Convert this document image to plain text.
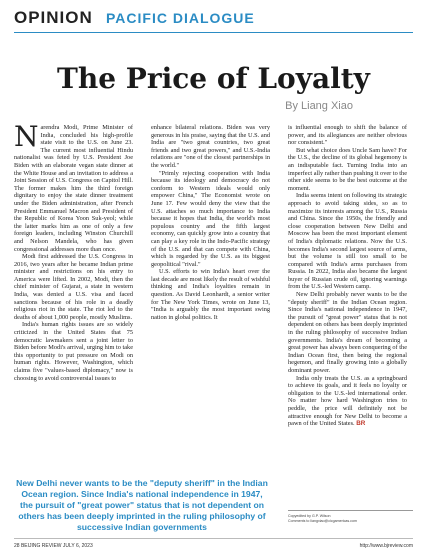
OPINION PACIFIC DIALOGUE
The Price of Loyalty
By Liang Xiao

Narendra Modi, Prime Minister of India, concluded his high-profile state visit to the U.S. on June 23. The current most influential Hindu nationalist was feted by U.S. President Joe Biden with an elaborate vegan state dinner at the White House and an invitation to address a Joint Session of U.S. Congress on Capitol Hill. The former makes him the third foreign dignitary to enjoy the state dinner treatment under the Biden administration, after French President Emmanuel Macron and President of the Republic of Korea Yoon Suk-yeol; while the latter marks him as one of only a few foreign leaders, including Winston Churchill and Nelson Mandela, who has given congressional addresses more than once.

Modi first addressed the U.S. Congress in 2016, two years after he became Indian prime minister and restrictions on his entry to America were lifted. In 2002, Modi, then the chief minister of Gujarat, a state in western India, was denied a U.S. visa and faced sanctions because of his role in a deadly religious riot in the state. The riot led to the deaths of about 1,000 people, mostly Muslims.

India's human rights issues are so widely criticized in the United States that 75 democratic lawmakers sent a joint letter to Biden before Modi's arrival, urging him to take this opportunity to put pressure on Modi on human rights. However, Washington, which claims five "values-based diplomacy," now is choosing to avoid controversial issues to

enhance bilateral relations. Biden was very generous in his praise, saying that the U.S. and India are "two great countries, two great friends and two great powers," and U.S.-India relations are "one of the closest partnerships in the world."

"Primly rejecting cooperation with India because its ideology and democracy do not conform to Western ideals would only empower China," The Economist wrote on June 17. Few would deny the view that the U.S. attaches so much importance to India because it hopes that India, the world's most populous country and the fifth largest economy, can quickly grow into a country that can play a key role in the Indo-Pacific strategy of the U.S. and that can compete with China, which is regarded by the U.S. as its biggest geopolitical "rival."

U.S. efforts to win India's heart over the last decade are most likely the result of wishful thinking and India's loyalties remain in question. As David Leonhardt, a senior writer for The New York Times, wrote on June 13, "India is arguably the most important swing nation in global politics. It

is influential enough to shift the balance of power, and its allegiances are neither obvious nor consistent."

But what choice does Uncle Sam have? For the U.S., the decline of its global hegemony is an indisputable fact. Turning India into an imperfect ally rather than pushing it over to the other side seems to be the best outcome at the moment.

India seems intent on following its strategic approach to avoid taking sides, so as to maximize its interests among the U.S., Russia and China. Since the 1950s, the friendly and close cooperation between New Delhi and Moscow has been the most important element of India's diplomatic relations. Now the U.S. becomes India's second largest source of arms, but the volume is still too small to be compared with India's arms purchases from Russia. In 2022, India also became the largest buyer of Russian crude oil, ignoring warnings from the U.S.-led Western camp.

New Delhi probably never wants to be the "deputy sheriff" in the Indian Ocean region. Since India's national independence in 1947, the pursuit of "great power" status that is not dependent on others has been deeply imprinted in the ruling philosophy of successive Indian governments. India's dream of becoming a great power has always been conquering of the Indian Ocean first, then being the regional hegemon, and finally growing into a globally dominant power.

India only treats the U.S. as a springboard to achieve its goals, and it feels no loyalty or obligation to the U.S.-led international order. No matter how hard Washington tries to peddle, the price will definitely not be attractive enough for New Delhi to become a pawn of the United States. BR

New Delhi never wants to be the "deputy sheriff" in the Indian Ocean region. Since India's national independence in 1947, the pursuit of "great power" status that is not dependent on others has been deeply imprinted in the ruling philosophy of successive Indian governments
Copyedited by G.P. Wilson
Comments to liangxiao@cicgamericas.com
28 BEIJING REVIEW JULY 6, 2023	http://www.bjreview.com
